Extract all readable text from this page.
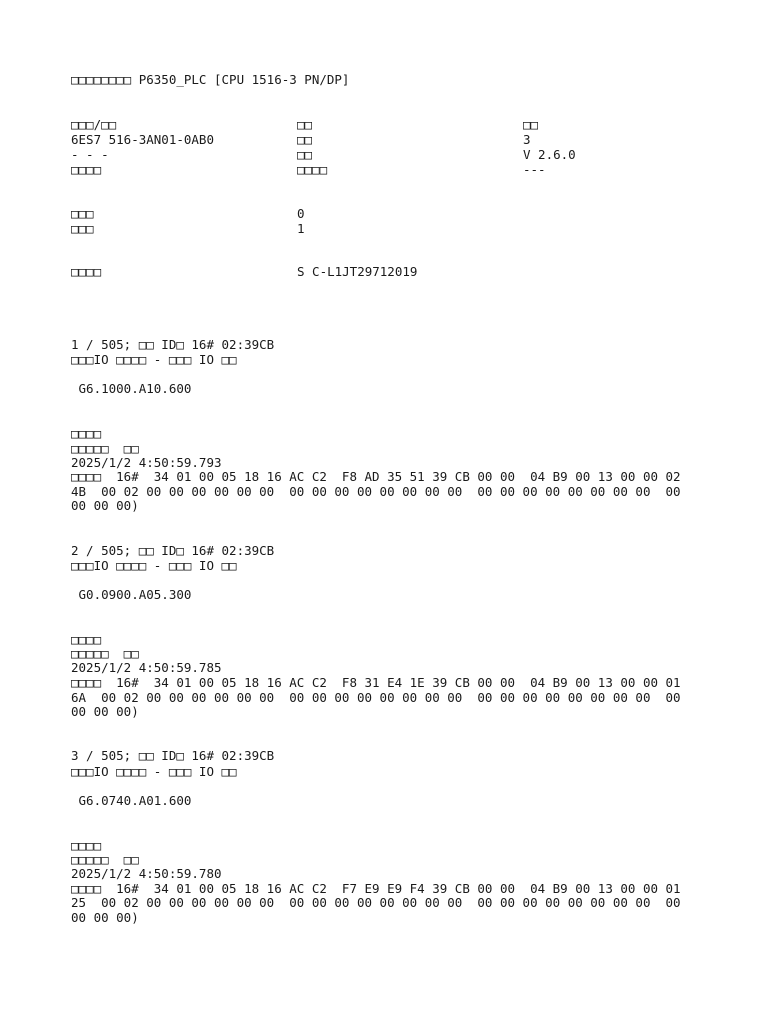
□□□□□□□□ P6350_PLC [CPU 1516-3 PN/DP]
□□□/□□	□□	□□
6ES7 516-3AN01-0AB0	□□	3
- - -	□□	V 2.6.0
□□□□	□□□□	---
□□□	0
□□□	1
□□□□	S C-L1JT29712019
1 / 505; □□ ID□ 16# 02:39CB
□□□IO □□□□ - □□□ IO □□
G6.1000.A10.600
□□□□
□□□□□  □□
2025/1/2 4:50:59.793
□□□□  16#  34 01 00 05 18 16 AC C2  F8 AD 35 51 39 CB 00 00  04 B9 00 13 00 00 02
4B  00 02 00 00 00 00 00 00  00 00 00 00 00 00 00 00  00 00 00 00 00 00 00 00  00
00 00 00)
2 / 505; □□ ID□ 16# 02:39CB
□□□IO □□□□ - □□□ IO □□
G0.0900.A05.300
□□□□
□□□□□  □□
2025/1/2 4:50:59.785
□□□□  16#  34 01 00 05 18 16 AC C2  F8 31 E4 1E 39 CB 00 00  04 B9 00 13 00 00 01
6A  00 02 00 00 00 00 00 00  00 00 00 00 00 00 00 00  00 00 00 00 00 00 00 00  00
00 00 00)
3 / 505; □□ ID□ 16# 02:39CB
□□□IO □□□□ - □□□ IO □□
G6.0740.A01.600
□□□□
□□□□□  □□
2025/1/2 4:50:59.780
□□□□  16#  34 01 00 05 18 16 AC C2  F7 E9 E9 F4 39 CB 00 00  04 B9 00 13 00 00 01
25  00 02 00 00 00 00 00 00  00 00 00 00 00 00 00 00  00 00 00 00 00 00 00 00  00
00 00 00)
